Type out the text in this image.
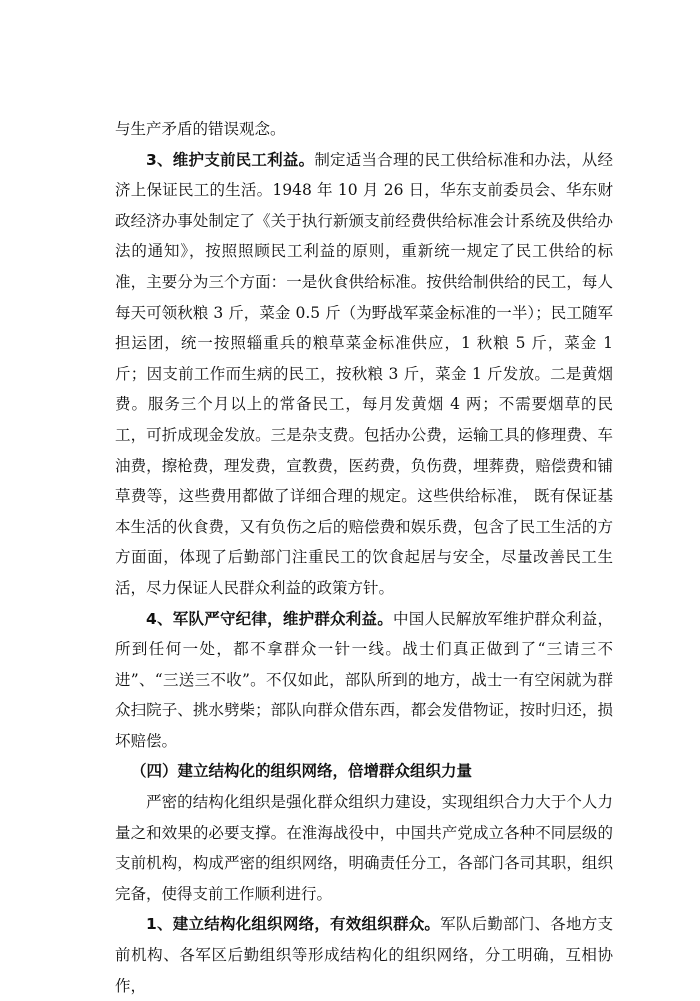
与生产矛盾的错误观念。

3、维护支前民工利益。制定适当合理的民工供给标准和办法，从经济上保证民工的生活。1948 年 10 月 26 日，华东支前委员会、华东财政经济办事处制定了《关于执行新颁支前经费供给标准会计系统及供给办法的通知》，按照照顾民工利益的原则，重新统一规定了民工供给的标准，主要分为三个方面：一是伙食供给标准。按供给制供给的民工，每人每天可领秋粮 3 斤，菜金 0.5 斤（为野战军菜金标准的一半）；民工随军担运团，统一按照辎重兵的粮草菜金标准供应，1 秋粮 5 斤，菜金 1 斤；因支前工作而生病的民工，按秋粮 3 斤，菜金 1 斤发放。二是黄烟费。服务三个月以上的常备民工，每月发黄烟 4 两；不需要烟草的民工，可折成现金发放。三是杂支费。包括办公费，运输工具的修理费、车油费，擦枪费，理发费，宣教费，医药费，负伤费，埋葬费，赔偿费和铺草费等，这些费用都做了详细合理的规定。这些供给标准， 既有保证基本生活的伙食费，又有负伤之后的赔偿费和娱乐费，包含了民工生活的方方面面，体现了后勤部门注重民工的饮食起居与安全，尽量改善民工生活，尽力保证人民群众利益的政策方针。

4、军队严守纪律，维护群众利益。中国人民解放军维护群众利益，所到任何一处，都不拿群众一针一线。战士们真正做到了“三请三不进”、“三送三不收”。不仅如此，部队所到的地方，战士一有空闲就为群众扫院子、挑水劈柴；部队向群众借东西，都会发借物证，按时归还，损坏赔偿。

（四）建立结构化的组织网络，倍增群众组织力量

严密的结构化组织是强化群众组织力建设，实现组织合力大于个人力量之和效果的必要支撑。在淮海战役中，中国共产党成立各种不同层级的支前机构，构成严密的组织网络，明确责任分工，各部门各司其职，组织完备，使得支前工作顺利进行。

1、建立结构化组织网络，有效组织群众。军队后勤部门、各地方支前机构、各军区后勤组织等形成结构化的组织网络，分工明确，互相协作，
